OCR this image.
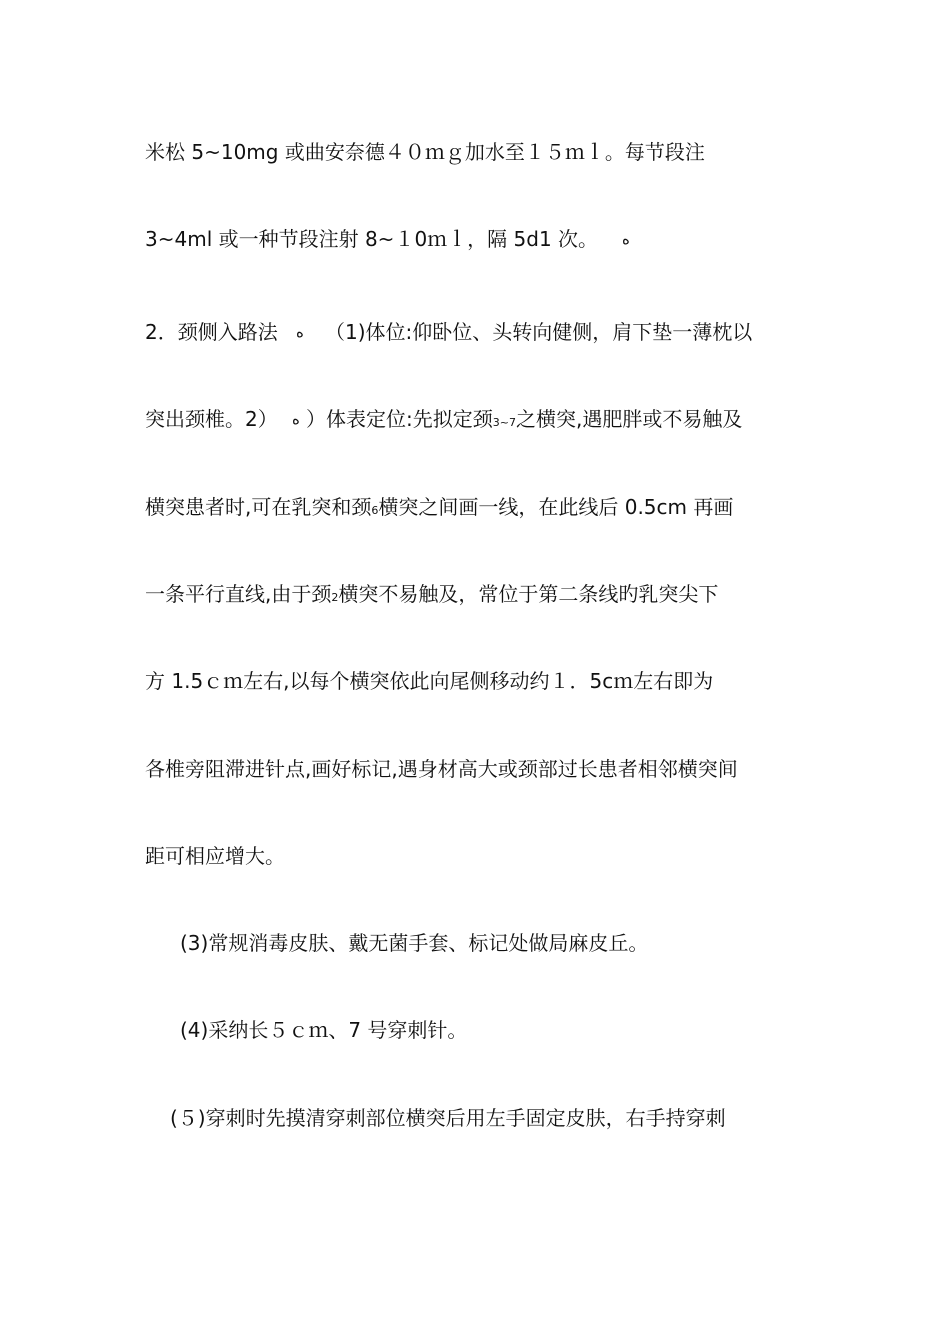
米松 5~10mg 或曲安奈德４０ｍｇ加水至１５ｍｌ。每节段注
3~4ml 或一种节段注射 8~１0ｍｌ，隔 5d1 次。 ﻩ
2．颈侧入路法 ﻩ （1)体位:仰卧位、头转向健侧，肩下垫一薄枕以
突出颈椎。2） ﻩ ）体表定位:先拟定颈3~7之横突,遇肥胖或不易触及
横突患者时,可在乳突和颈6横突之间画一线，在此线后 0.5cm 再画
一条平行直线,由于颈2横突不易触及，常位于第二条线旳乳突尖下
方 1.5ｃｍ左右,以每个横突依此向尾侧移动约１．5cｍ左右即为
各椎旁阻滞进针点,画好标记,遇身材高大或颈部过长患者相邻横突间
距可相应增大。
(3)常规消毒皮肤、戴无菌手套、标记处做局麻皮丘。
(4)采纳长５ｃｍ、7 号穿刺针。
(５)穿刺时先摸清穿刺部位横突后用左手固定皮肤，右手持穿刺
